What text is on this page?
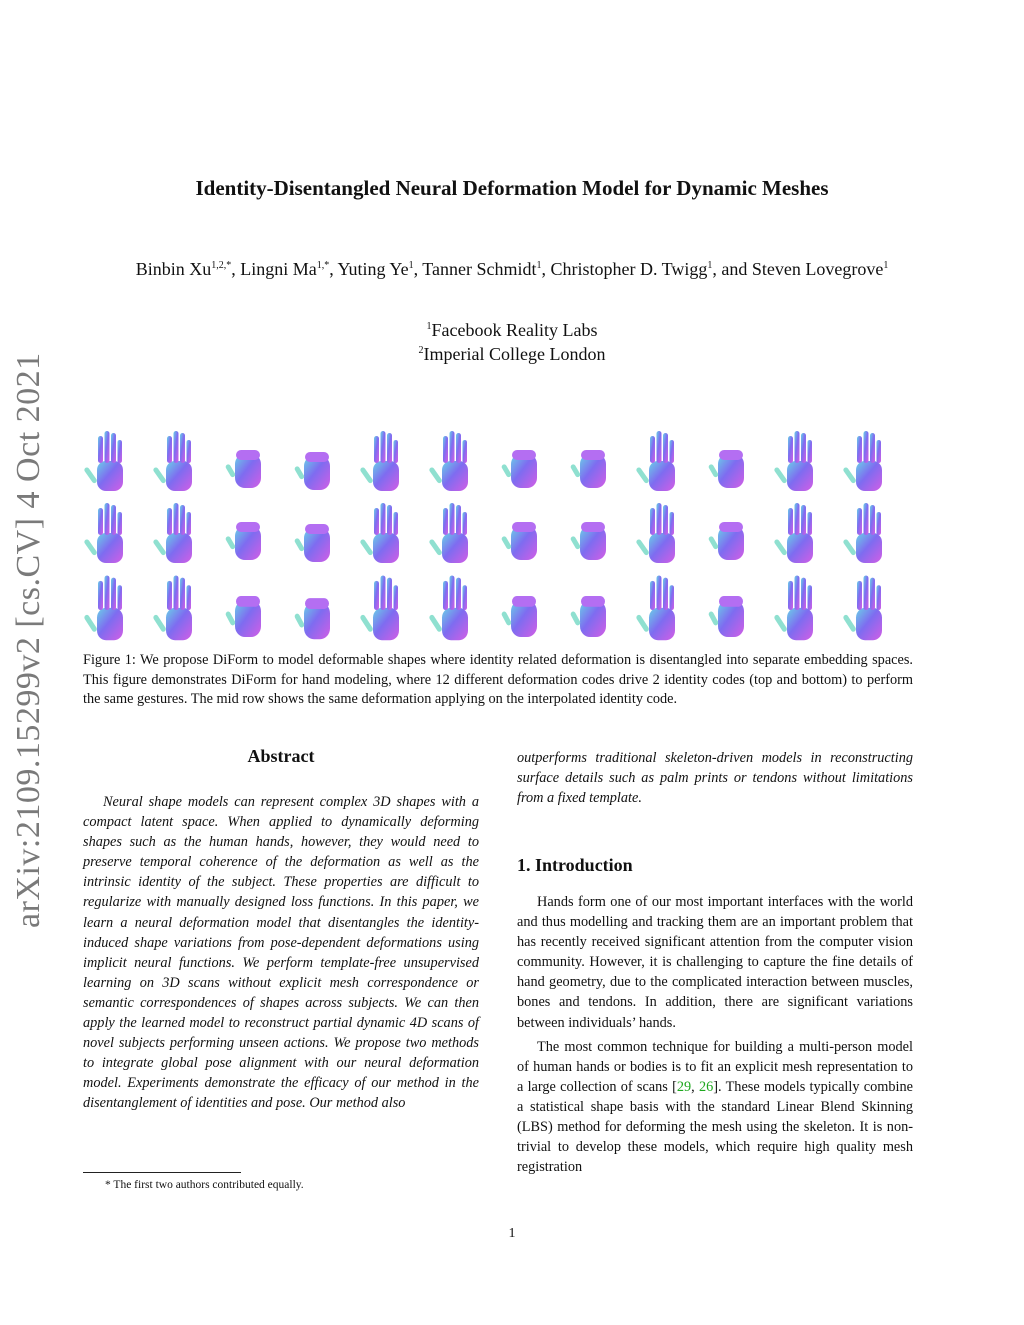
arXiv:2109.15299v2 [cs.CV] 4 Oct 2021
Identity-Disentangled Neural Deformation Model for Dynamic Meshes
Binbin $Xu^{1,2,*}$, Lingni $Ma^{1,*}$, Yuting Ye$^1$, Tanner Schmidt$^1$, Christopher D. Twigg$^1$, and Steven Lovegrove$^1$
$^1$Facebook Reality Labs
$^2$Imperial College London
Figure 1: We propose DiForm to model deformable shapes where identity related deformation is disentangled into separate embedding spaces. This figure demonstrates DiForm for hand modeling, where 12 different deformation codes drive 2 identity codes (top and bottom) to perform the same gestures. The mid row shows the same deformation applying on the interpolated identity code.
Abstract
Neural shape models can represent complex 3D shapes with a compact latent space. When applied to dynamically deforming shapes such as the human hands, however, they would need to preserve temporal coherence of the deformation as well as the intrinsic identity of the subject. These properties are difficult to regularize with manually designed loss functions. In this paper, we learn a neural deformation model that disentangles the identity-induced shape variations from pose-dependent deformations using implicit neural functions. We perform template-free unsupervised learning on 3D scans without explicit mesh correspondence or semantic correspondences of shapes across subjects. We can then apply the learned model to reconstruct partial dynamic 4D scans of novel subjects performing unseen actions. We propose two methods to integrate global pose alignment with our neural deformation model. Experiments demonstrate the efficacy of our method in the disentanglement of identities and pose. Our method also
outperforms traditional skeleton-driven models in reconstructing surface details such as palm prints or tendons without limitations from a fixed template.
* The first two authors contributed equally.
1. Introduction

Hands form one of our most important interfaces with the world and thus modelling and tracking them are an important problem that has recently received significant attention from the computer vision community. However, it is challenging to capture the fine details of hand geometry, due to the complicated interaction between muscles, bones and tendons. In addition, there are significant variations between individuals’ hands.

The most common technique for building a multi-person model of human hands or bodies is to fit an explicit mesh representation to a large collection of scans [29, 26]. These models typically combine a statistical shape basis with the standard Linear Blend Skinning (LBS) method for deforming the mesh using the skeleton. It is non-trivial to develop these models, which require high quality mesh registration

1
